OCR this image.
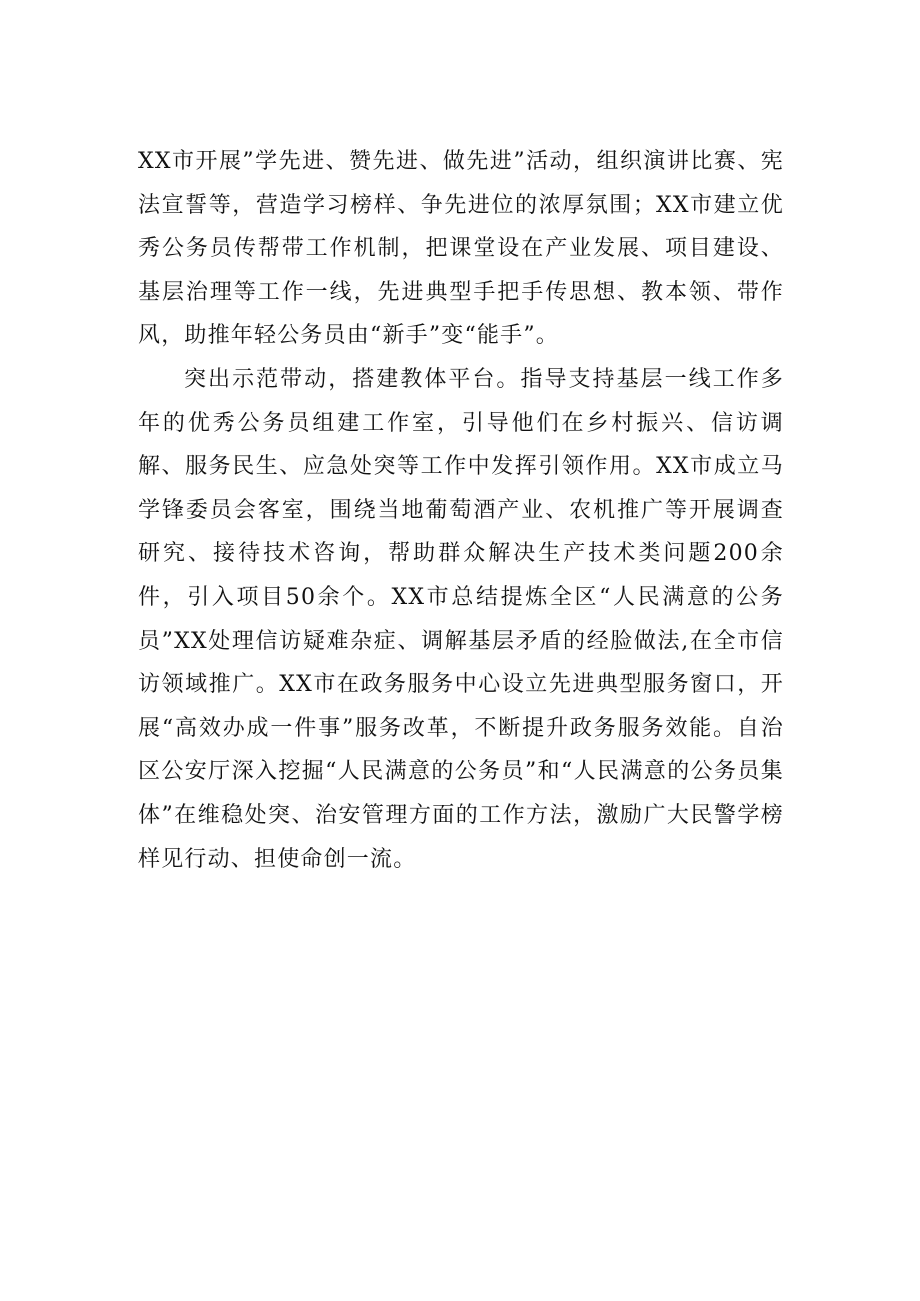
XX市开展”学先进、赞先进、做先进”活动，组织演讲比赛、宪法宣誓等，营造学习榜样、争先进位的浓厚氛围；XX市建立优秀公务员传帮带工作机制，把课堂设在产业发展、项目建设、基层治理等工作一线，先进典型手把手传思想、教本领、带作风，助推年轻公务员由“新手”变“能手”。

突出示范带动，搭建教体平台。指导支持基层一线工作多年的优秀公务员组建工作室，引导他们在乡村振兴、信访调解、服务民生、应急处突等工作中发挥引领作用。XX市成立马学锋委员会客室，围绕当地葡萄酒产业、农机推广等开展调查研究、接待技术咨询，帮助群众解决生产技术类问题200余件，引入项目50余个。XX市总结提炼全区“人民满意的公务员”XX处理信访疑难杂症、调解基层矛盾的经脸做法,在全市信访领域推广。XX市在政务服务中心设立先进典型服务窗口，开展“高效办成一件事”服务改革，不断提升政务服务效能。自治区公安厅深入挖掘“人民满意的公务员”和“人民满意的公务员集体”在维稳处突、治安管理方面的工作方法，激励广大民警学榜样见行动、担使命创一流。
